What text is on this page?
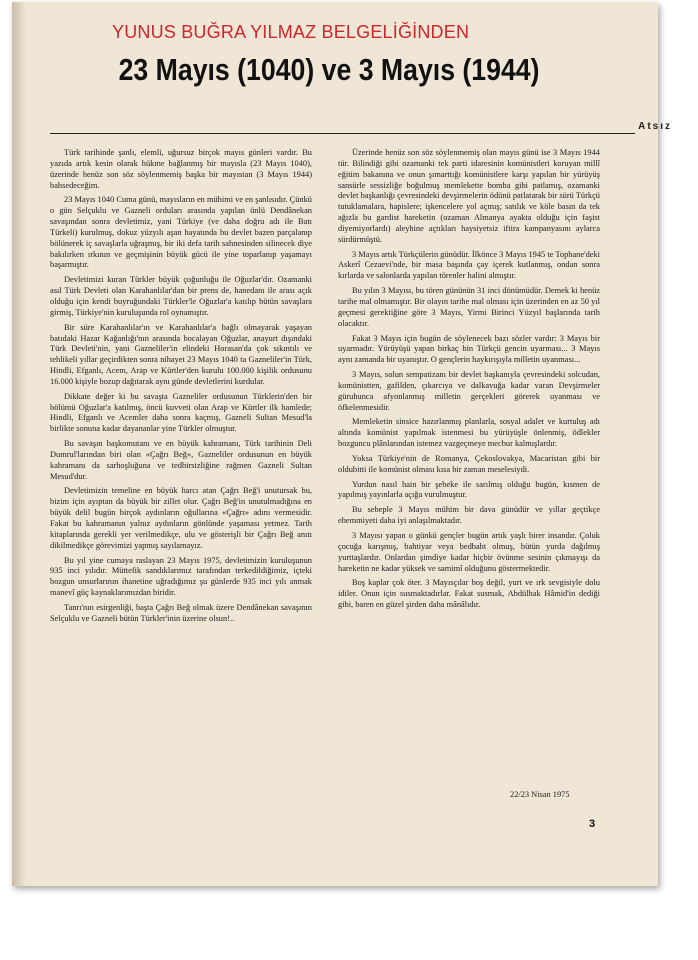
YUNUS BUĞRA YILMAZ BELGELİĞİNDEN
23 Mayıs (1040) ve 3 Mayıs (1944)
Atsız

Türk tarihinde şanlı, elemli, uğursuz birçok mayıs günleri vardır. Bu yazıda artık kesin olarak hükme bağlanmış bir mayısla (23 Mayıs 1040), üzerinde henüz son söz söylenmemiş başka bir mayıstan (3 Mayıs 1944) bahsedeceğim.

23 Mayıs 1040 Cuma günü, mayısların en mühimi ve en şanlısıdır. Çünkü o gün Selçuklu ve Gazneli orduları arasında yapılan ünlü Dendânekan savaşından sonra devletimiz, yani Türkiye (ve daha doğru adı ile Batı Türkeli) kurulmuş, dokuz yüzyılı aşan hayatında bu devlet bazen parçalanıp bölünerek iç savaşlarla uğraşmış, bir iki defa tarih sahnesinden silinecek diye bakılırken ırkının ve geçmişinin büyük gücü ile yine toparlanıp yaşamayı başarmıştır.

Devletimizi kuran Türkler büyük çoğunluğu ile Oğuzlar'dır. Ozamanki asıl Türk Devleti olan Karahanlılar'dan bir prens de, hanedanı ile arası açık olduğu için kendi buyruğundaki Türkler'le Oğuzlar'a katılıp bütün savaşlara girmiş, Türkiye'nin kuruluşunda rol oynamıştır.

Bir süre Karahanlılar'ın ve Karahanlılar'a bağlı olmayarak yaşayan batıdaki Hazar Kağanlığı'nın arasında bocalayan Oğuzlar, anayurt dışındaki Türk Devleti'nin, yani Gazneliler'in elindeki Horasan'da çok sıkıntılı ve tehlikeli yıllar geçirdikten sonra nihayet 23 Mayıs 1040 ta Gazneliler'in Türk, Hindli, Efganlı, Acem, Arap ve Kürtler'den kurulu 100.000 kişilik ordusunu 16.000 kişiyle bozup dağıtarak aynı günde devletlerini kurdular.

Dikkate değer ki bu savaşta Gazneliler ordusunun Türklerin'den bir bölümü Oğuzlar'a katılmış, öncü kuvveti olan Arap ve Kürtler ilk hamlede; Hindli, Efganlı ve Acemler daha sonra kaçmış, Gazneli Sultan Mesud'la birlikte sonuna kadar dayananlar yine Türkler olmuştur.

Bu savaşın başkomutanı ve en büyük kahramanı, Türk tarihinin Deli Dumrul'larından biri olan «Çağrı Beğ», Gazneliler ordusunun en büyük kahramanı da sarhoşluğuna ve tedbirsizliğine rağmen Gazneli Sultan Mesud'dur.

Devletimizin temeline en büyük harcı atan Çağrı Beğ'i unutursak bu, bizim için ayıptan da büyük bir zillet olur. Çağrı Beğ'in unutulmadığına en büyük delil bugün birçok aydınların oğullarına «Çağrı» adını vermesidir. Fakat bu kahramanın yalnız aydınların gönlünde yaşaması yetmez. Tarih kitaplarında gerekli yer verilmedikçe, ulu ve gösterişli bir Çağrı Beğ anıtı dikilmedikçe görevimizi yapmış sayılamayız.

Bu yıl yine cumaya raslayan 23 Mayıs 1975, devletimizin kuruluşunun 935 inci yılıdır. Müttefik sandıklarımız tarafından terkedildiğimiz, içteki bozgun unsurlarının ihanetine uğradığımız şu günlerde 935 inci yılı anmak manevî güç kaynaklarımızdan biridir.

Tanrı'nın esirgenliği, başta Çağrı Beğ olmak üzere Dendânekan savaşının Selçuklu ve Gazneli bütün Türkler'inin üzerine olsun!..

Üzerinde henüz son söz söylenmemiş olan mayıs günü ise 3 Mayıs 1944 tür. Bilindiği gibi ozamanki tek parti idaresinin komünistleri koruyan millî eğitim bakanına ve onun şımarttığı komünistlere karşı yapılan bir yürüyüş sansürle sessizliğe boğulmuş memlekette bomba gibi patlamış, ozamanki devlet başkanlığı çevresindeki devşirmelerin ödünü patlatarak bir sürü Türkçü tutuklamalara, hapislere; işkencelere yol açmış; satılık ve köle basın da tek ağızla bu gardist hareketin (ozaman Almanya ayakta olduğu için faşist diyemiyorlardı) aleyhine açtıkları haysiyetsiz iftira kampanyasını aylarca sürdürmüştü.

3 Mayıs artık Türkçülerin günüdür. İlkönce 3 Mayıs 1945 te Tophane'deki Askerî Cezaevi'nde, bir masa başında çay içerek kutlanmış, ondan sonra kırlarda ve salonlarda yapılan törenler halini almıştır.

Bu yılın 3 Mayısı, bu tören gününün 31 inci dönümüdür. Demek ki henüz tarihe mal olmamıştır. Bir olayın tarihe mal olması için üzerinden en az 50 yıl geçmesi gerektiğine göre 3 Mayıs, Yirmi Birinci Yüzyıl başlarında tarih olacaktır.

Fakat 3 Mayıs için bugün de söylenecek bazı sözler vardır: 3 Mayıs bir uyarmadır. Yürüyüşü yapan birkaç bin Türkçü gencin uyarması... 3 Mayıs aynı zamanda bir uyanıştır. O gençlerin haykırışıyla milletin uyanması...

3 Mayıs, solun sempatizanı bir devlet başkanıyla çevresindeki solcudan, komünistten, gafilden, çıkarcıya ve dalkavuğa kadar varan Devşirmeler güruhunca afyonlanmış milletin gerçekleri görerek uyanması ve öfkelenmesidir.

Memleketin sinsice hazırlanmış planlarla, sosyal adalet ve kurtuluş adı altında komünist yapılmak istenmesi bu yürüyüşle önlenmiş, ödlekler bozguncu plânlarından istemez vazgeçmeye mecbur kalmışlardır.

Yoksa Türkiye'nin de Romanya, Çekoslovakya, Macaristan gibi bir oldubitti ile komünist olması kısa bir zaman meselesiydi.

Yurdun nasıl hain bir şebeke ile sarılmış olduğu bugün, kısmen de yapılmış yayınlarla açığa vurulmuştur.

Bu sebeple 3 Mayıs mühim bir dava günüdür ve yıllar geçtikçe ehemmiyeti daha iyi anlaşılmaktadır.

3 Mayısı yapan o günkü gençler bugün artık yaşlı birer insandır. Çoluk çocuğa karışmış, bahtiyar veya bedbaht olmuş, bütün yurda dağılmış yurttaşlardır. Onlardan şimdiye kadar hiçbir övünme sesinin çıkmayışı da hareketin ne kadar yüksek ve samimî olduğunu göstermektedir.

Boş kaplar çok öter. 3 Mayısçılar boş değil, yurt ve ırk sevgisiyle dolu idiler. Onun için susmaktadırlar. Fakat susmak, Abdülhak Hâmid'in dediği gibi, baren en güzel şirden daha mânâlıdır.

22/23 Nisan 1975
3
